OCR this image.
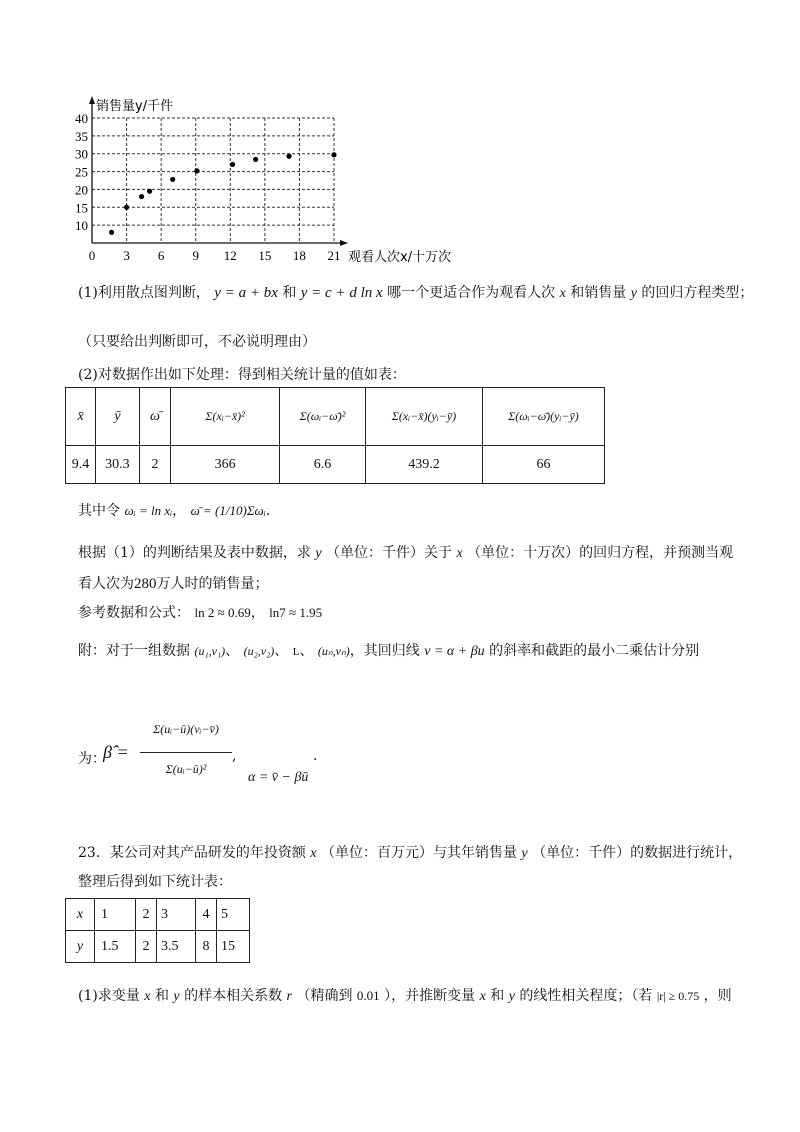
0 3 6 9 12 15 18 21
10
15
20
25
30
35
40
销售量y/千件
观看人次x/十万次
(1)利用散点图判断， y = a + bx 和 y = c + d ln x 哪一个更适合作为观看人次 x 和销售量 y 的回归方程类型；
（只要给出判断即可，不必说明理由）
(2)对数据作出如下处理：得到相关统计量的值如表：
x̄	ȳ	ω̄	Σ(xᵢ−x̄)²	Σ(ωᵢ−ω̄)²	Σ(xᵢ−x̄)(yᵢ−ȳ)	Σ(ωᵢ−ω̄)(yᵢ−ȳ)
9.4	30.3	2	366	6.6	439.2	66
其中令 ωᵢ = ln xᵢ， ω̄ = (1/10)Σωᵢ.
根据（1）的判断结果及表中数据，求 y （单位：千件）关于 x （单位：十万次）的回归方程，并预测当观
看人次为280万人时的销售量；
参考数据和公式： ln 2 ≈ 0.69， ln7 ≈ 1.95
附：对于一组数据 (u₁,v₁)、 (u₂,v₂)、 L、 (uₙ,vₙ)，其回归线 v = α + βu 的斜率和截距的最小二乘估计分别
为：
β̂ =
Σ(uᵢ−ū)(vᵢ−v̄)
Σ(uᵢ−ū)²
,
α = v̄ − βū
.
23．某公司对其产品研发的年投资额 x （单位：百万元）与其年销售量 y （单位：千件）的数据进行统计，
整理后得到如下统计表：
x	1	2	3	4	5
y	1.5	2	3.5	8	15
(1)求变量 x 和 y 的样本相关系数 r （精确到 0.01 ），并推断变量 x 和 y 的线性相关程度；（若 |r| ≥ 0.75 ，则
